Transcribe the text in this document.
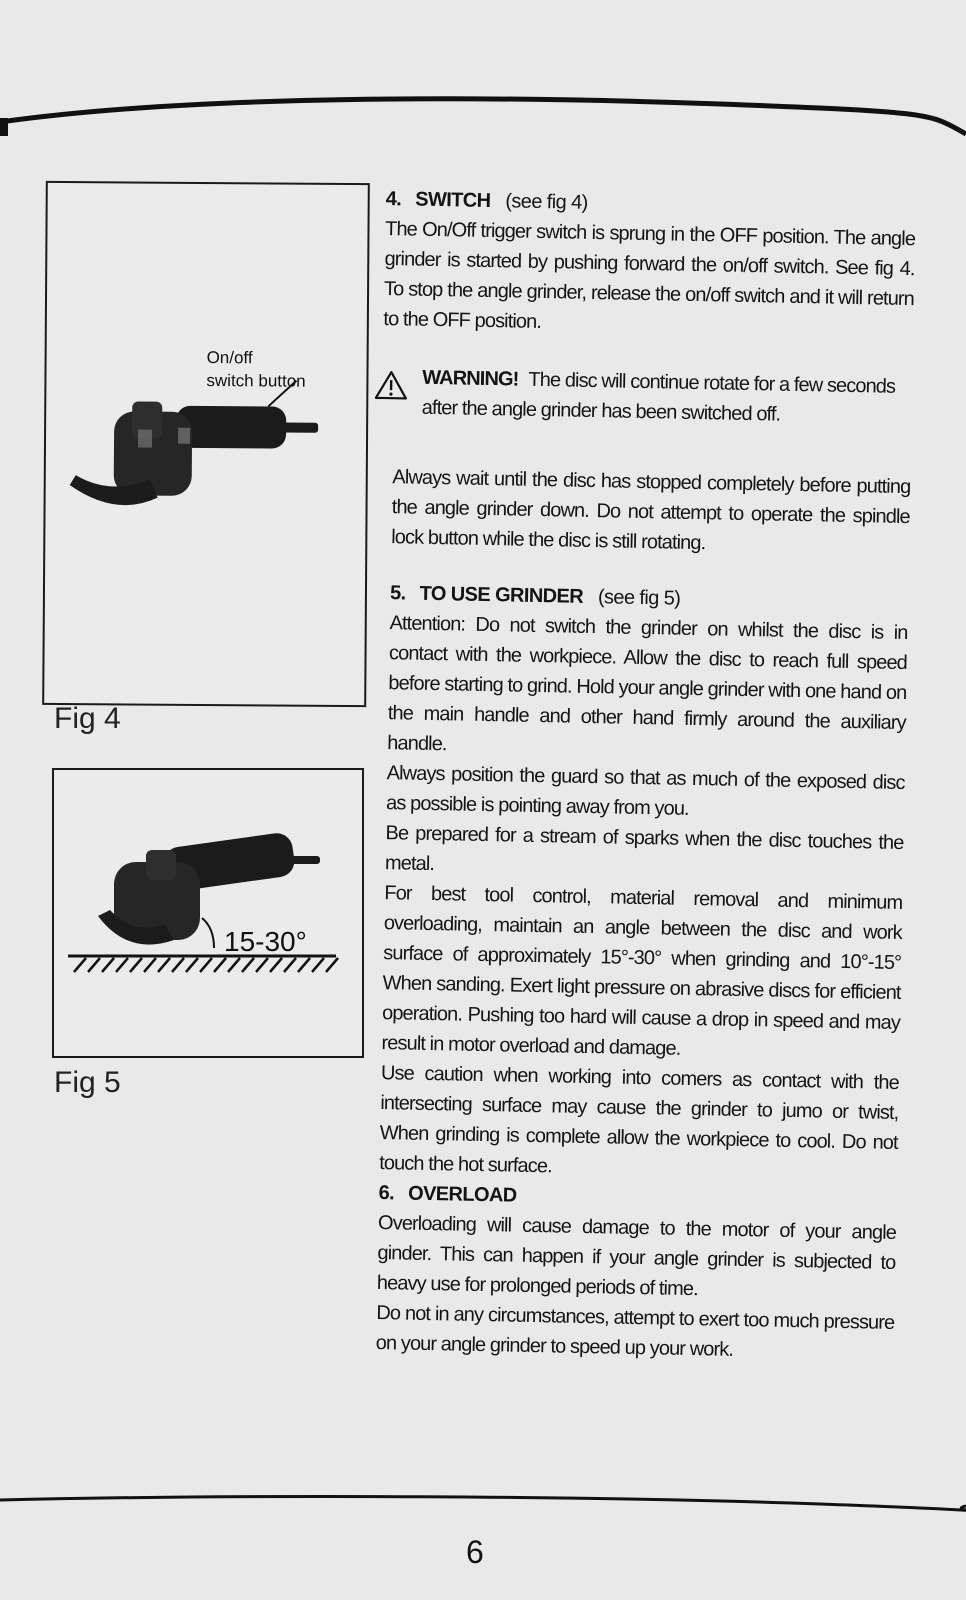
On/off
switch button
Fig 4
15-30°
Fig 5

4. SWITCH (see fig 4)

The On/Off trigger switch is sprung in the OFF position. The angle grinder is started by pushing forward the on/off switch. See fig 4. To stop the angle grinder, release the on/off switch and it will return to the OFF position.

WARNING! The disc will continue rotate for a few seconds after the angle grinder has been switched off.

Always wait until the disc has stopped completely before putting the angle grinder down. Do not attempt to operate the spindle lock button while the disc is still rotating.

5. TO USE GRINDER (see fig 5)

Attention: Do not switch the grinder on whilst the disc is in contact with the workpiece. Allow the disc to reach full speed before starting to grind. Hold your angle grinder with one hand on the main handle and other hand firmly around the auxiliary handle.

Always position the guard so that as much of the exposed disc as possible is pointing away from you.

Be prepared for a stream of sparks when the disc touches the metal.

For best tool control, material removal and minimum overloading, maintain an angle between the disc and work surface of approximately 15°-30° when grinding and 10°-15° When sanding. Exert light pressure on abrasive discs for efficient operation. Pushing too hard will cause a drop in speed and may result in motor overload and damage.

Use caution when working into comers as contact with the intersecting surface may cause the grinder to jumo or twist, When grinding is complete allow the workpiece to cool. Do not touch the hot surface.

6. OVERLOAD

Overloading will cause damage to the motor of your angle ginder. This can happen if your angle grinder is subjected to heavy use for prolonged periods of time.

Do not in any circumstances, attempt to exert too much pressure on your angle grinder to speed up your work.

6
